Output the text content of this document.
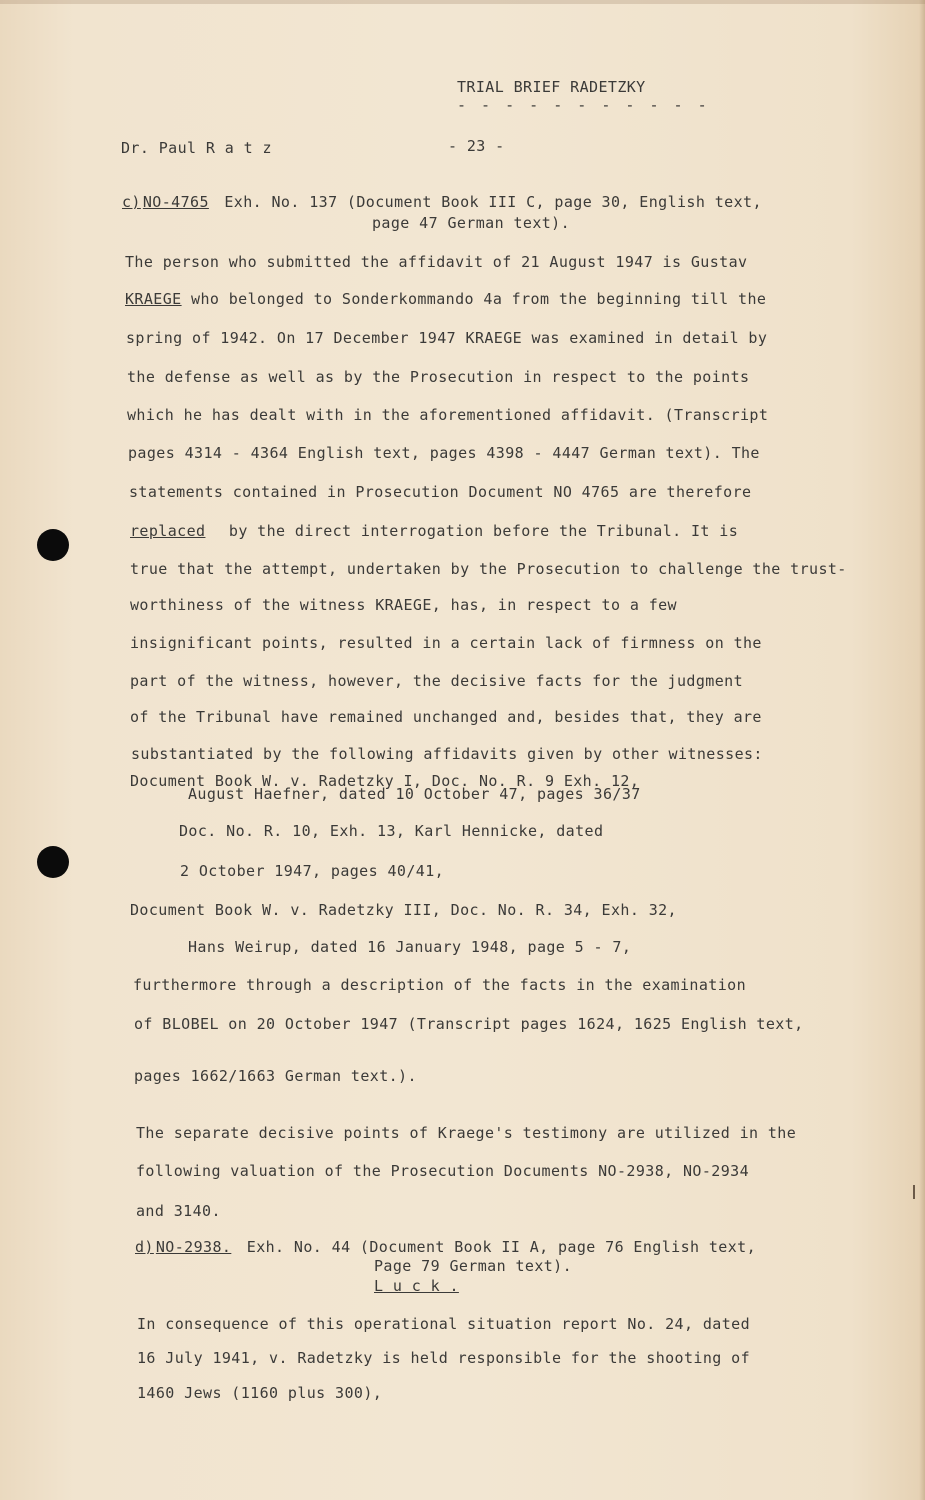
TRIAL BRIEF RADETZKY
- - - - - - - - - - -
Dr. Paul R a t z	- 23 -
c) NO-4765 Exh. No. 137 (Document Book III C, page 30, English text,
page 47 German text).
The person who submitted the affidavit of 21 August 1947 is Gustav
KRAEGE who belonged to Sonderkommando 4a from the beginning till the
spring of 1942. On 17 December 1947 KRAEGE was examined in detail by
the defense as well as by the Prosecution in respect to the points
which he has dealt with in the aforementioned affidavit. (Transcript
pages 4314 - 4364 English text, pages 4398 - 4447 German text). The
statements contained in Prosecution Document NO 4765 are therefore
replaced by the direct interrogation before the Tribunal. It is
true that the attempt, undertaken by the Prosecution to challenge the trust-
worthiness of the witness KRAEGE, has, in respect to a few
insignificant points, resulted in a certain lack of firmness on the
part of the witness, however, the decisive facts for the judgment
of the Tribunal have remained unchanged and, besides that, they are
substantiated by the following affidavits given by other witnesses:
Document Book W. v. Radetzky I, Doc. No. R. 9 Exh. 12,
August Haefner, dated 10 October 47, pages 36/37
Doc. No. R. 10, Exh. 13, Karl Hennicke, dated
2 October 1947, pages 40/41,
Document Book W. v. Radetzky III, Doc. No. R. 34, Exh. 32,
Hans Weirup, dated 16 January 1948, page 5 - 7,
furthermore through a description of the facts in the examination
of BLOBEL on 20 October 1947 (Transcript pages 1624, 1625 English text,
pages 1662/1663 German text.).
The separate decisive points of Kraege's testimony are utilized in the
following valuation of the Prosecution Documents NO-2938, NO-2934
and 3140.
d) NO-2938. Exh. No. 44 (Document Book II A, page 76 English text,
Page 79 German text).
L u c k .
In consequence of this operational situation report No. 24, dated
16 July 1941, v. Radetzky is held responsible for the shooting of
1460 Jews (1160 plus 300),
